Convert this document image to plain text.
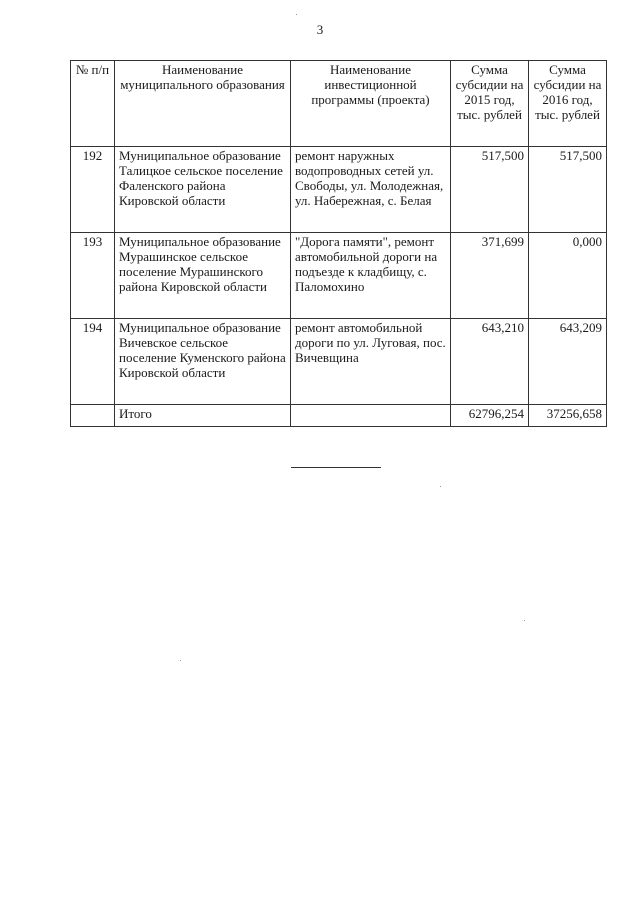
3
№ п/п	Наименование муниципального образования	Наименование инвестиционной программы (проекта)	Сумма субсидии на 2015 год, тыс. рублей	Сумма субсидии на 2016 год, тыс. рублей
192	Муниципальное образование Талицкое сельское поселение Фаленского района Кировской области	ремонт наружных водопроводных сетей ул. Свободы, ул. Молодежная, ул. Набережная, с. Белая	517,500	517,500
193	Муниципальное образование Мурашинское сельское поселение Мурашинского района Кировской области	"Дорога памяти", ремонт автомобильной дороги на подъезде к кладбищу, с. Паломохино	371,699	0,000
194	Муниципальное образование Вичевское сельское поселение Куменского района Кировской области	ремонт автомобильной дороги по ул. Луговая, пос. Вичевщина	643,210	643,209
	Итого		62796,254	37256,658
